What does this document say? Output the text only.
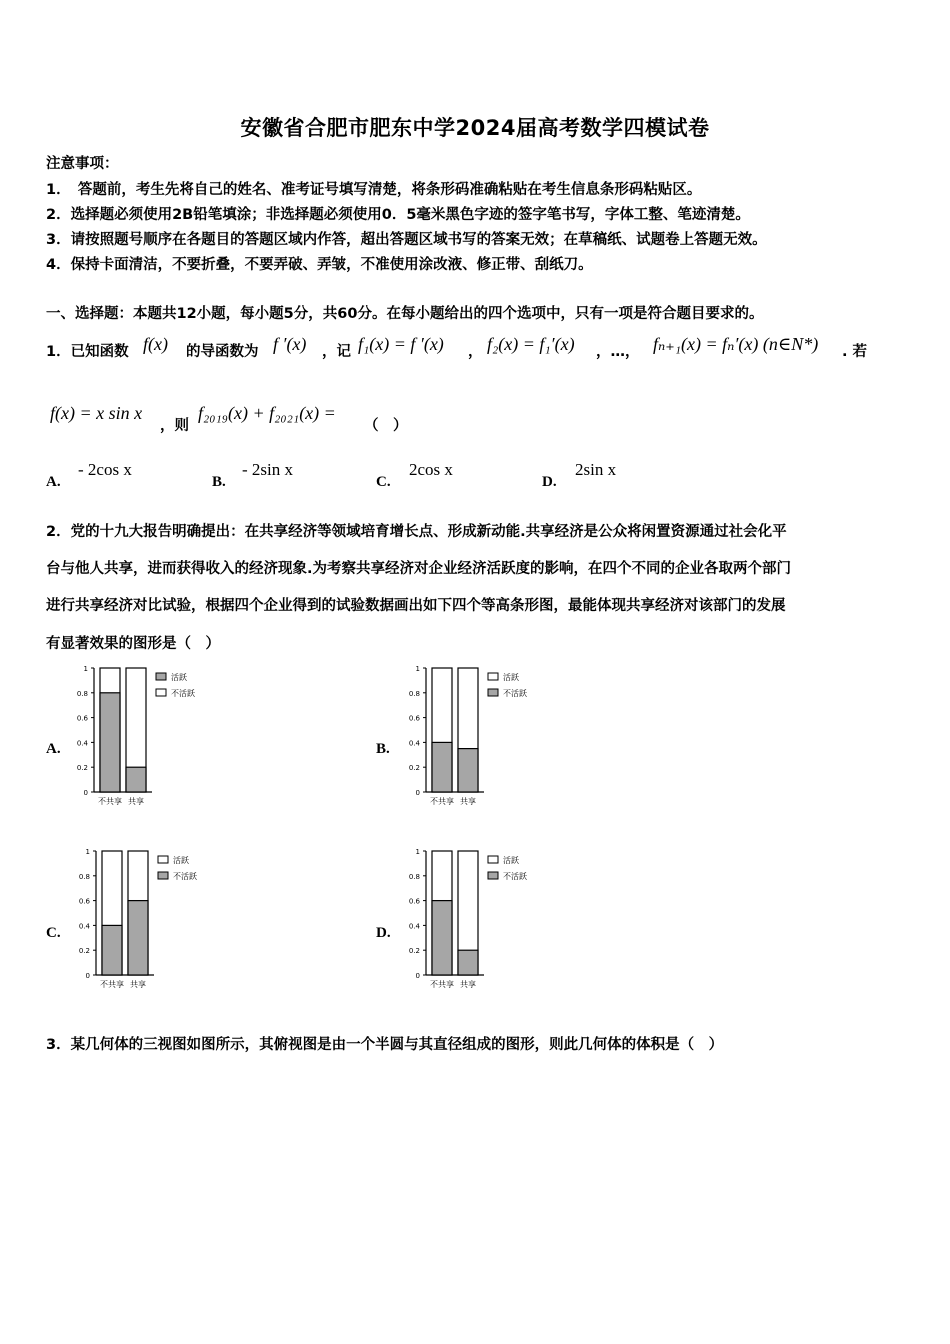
安徽省合肥市肥东中学2024届高考数学四模试卷
注意事项：
1．　答题前，考生先将自己的姓名、准考证号填写清楚，将条形码准确粘贴在考生信息条形码粘贴区。
2．选择题必须使用2B铅笔填涂；非选择题必须使用0．5毫米黑色字迹的签字笔书写，字体工整、笔迹清楚。
3．请按照题号顺序在各题目的答题区域内作答，超出答题区域书写的答案无效；在草稿纸、试题卷上答题无效。
4．保持卡面清洁，不要折叠，不要弄破、弄皱，不准使用涂改液、修正带、刮纸刀。
一、选择题：本题共12小题，每小题5分，共60分。在每小题给出的四个选项中，只有一项是符合题目要求的。
1．已知函数 f(x) 的导函数为 f ′(x) ，记 f₁(x) = f ′(x) ， f₂(x) = f₁′(x) ，…， fₙ₊₁(x) = fₙ′(x) (n∈N*) . 若
f(x) = x sin x
，则
f₂₀₁₉(x) + f₂₀₂₁(x) =
（　）
A.
- 2cos x
B.
- 2sin x
C.
2cos x
D.
2sin x
2．党的十九大报告明确提出：在共享经济等领域培育增长点、形成新动能.共享经济是公众将闲置资源通过社会化平
台与他人共享，进而获得收入的经济现象.为考察共享经济对企业经济活跃度的影响，在四个不同的企业各取两个部门
进行共享经济对比试验，根据四个企业得到的试验数据画出如下四个等高条形图，最能体现共享经济对该部门的发展
有显著效果的图形是（　）
A.
0
0.2
0.4
0.6
0.8
1
不共享 共享
活跃
不活跃
B.
0
0.2
0.4
0.6
0.8
1
不共享 共享
活跃
不活跃
C.
0
0.2
0.4
0.6
0.8
1
不共享 共享
活跃
不活跃
D.
0
0.2
0.4
0.6
0.8
1
不共享 共享
活跃
不活跃
3．某几何体的三视图如图所示，其俯视图是由一个半圆与其直径组成的图形，则此几何体的体积是（　）
